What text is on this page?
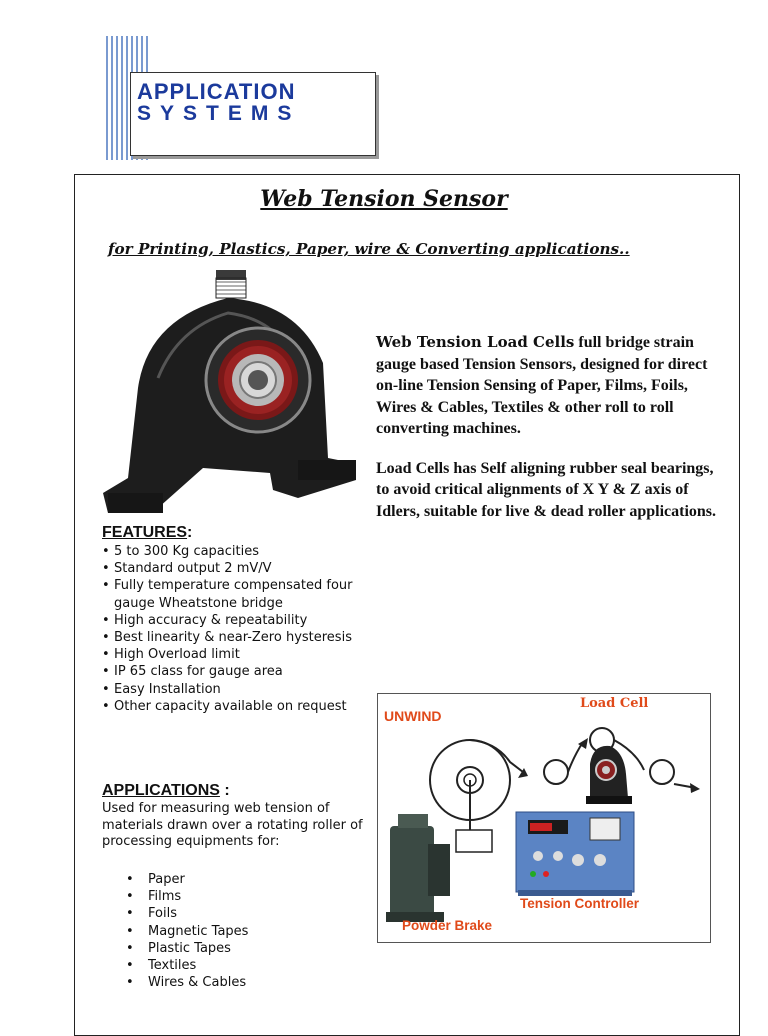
APPLICATION
SYSTEMS
Web Tension Sensor
for Printing, Plastics, Paper, wire & Converting applications..

Web Tension Load Cells full bridge strain gauge based Tension Sensors, designed for direct on-line Tension Sensing of Paper, Films, Foils, Wires & Cables, Textiles & other roll to roll converting machines.

Load Cells has Self aligning rubber seal bearings, to avoid critical alignments of X Y & Z axis of Idlers, suitable for live & dead roller applications.

FEATURES:
• 5 to 300 Kg capacities
• Standard output 2 mV/V
• Fully temperature compensated four gauge Wheatstone bridge
• High accuracy & repeatability
• Best linearity & near-Zero hysteresis
• High Overload limit
• IP 65 class for gauge area
• Easy Installation
• Other capacity available on request
APPLICATIONS :
Used for measuring web tension of materials drawn over a rotating roller of processing equipments for:
• Paper
• Films
• Foils
• Magnetic Tapes
• Plastic Tapes
• Textiles
• Wires & Cables
UNWIND
Load Cell
Tension Controller
Powder Brake
